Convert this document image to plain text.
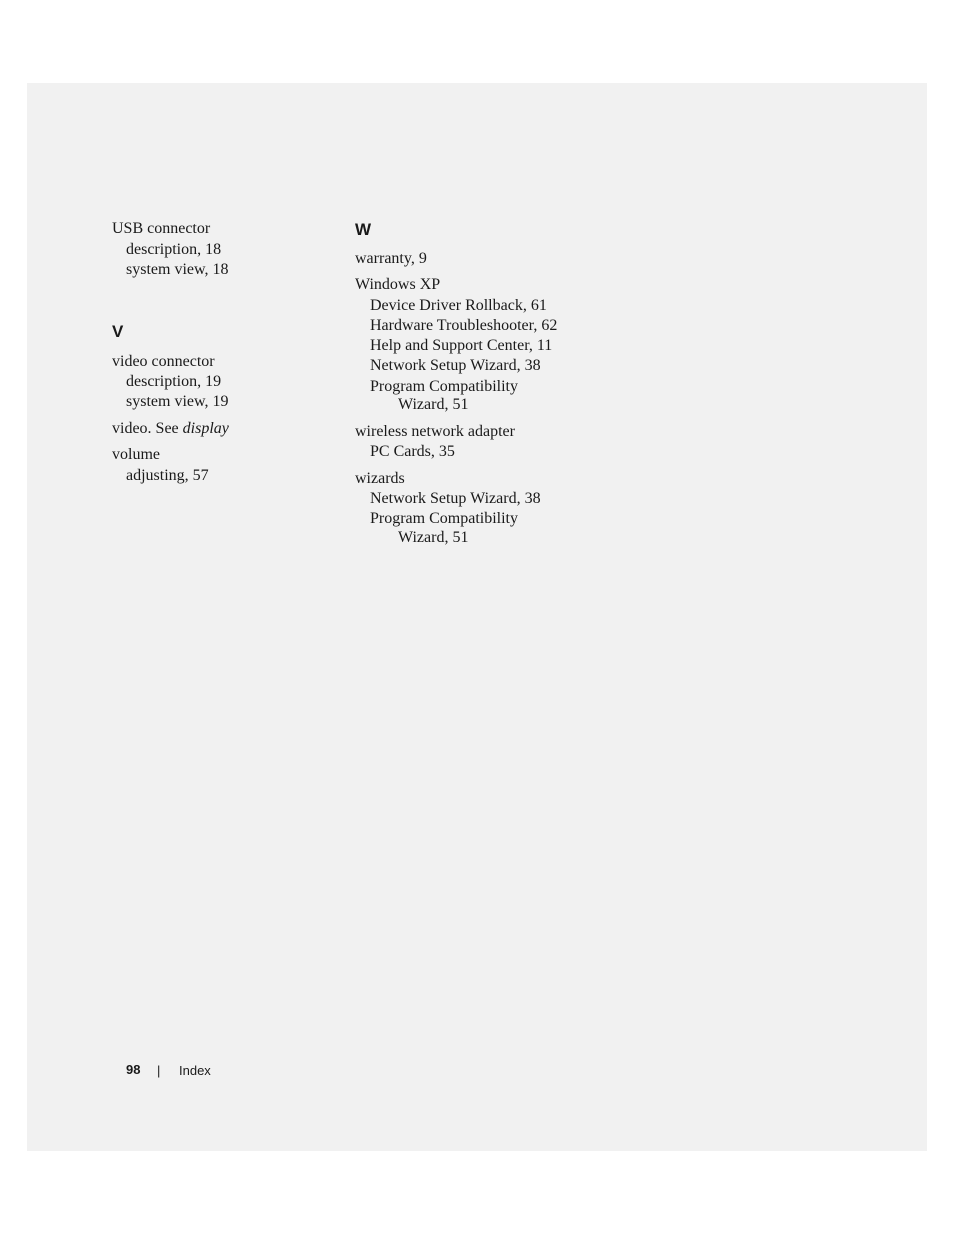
USB connector
description, 18
system view, 18
V
video connector
description, 19
system view, 19
video. See display
volume
adjusting, 57
W
warranty, 9
Windows XP
Device Driver Rollback, 61
Hardware Troubleshooter, 62
Help and Support Center, 11
Network Setup Wizard, 38
Program Compatibility
Wizard, 51
wireless network adapter
PC Cards, 35
wizards
Network Setup Wizard, 38
Program Compatibility
Wizard, 51
98 | Index
